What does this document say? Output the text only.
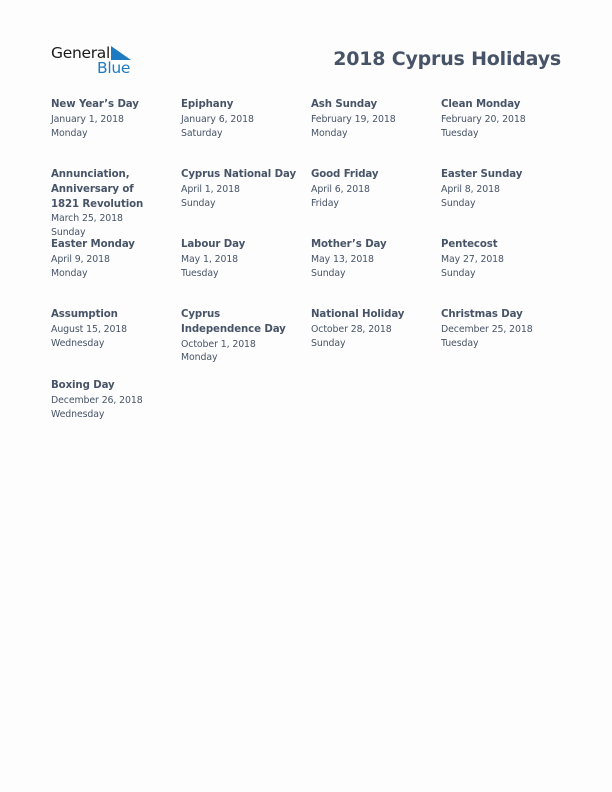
General
Blue	2018 Cyprus Holidays
New Year’s Day
January 1, 2018
Monday
Epiphany
January 6, 2018
Saturday
Ash Sunday
February 19, 2018
Monday
Clean Monday
February 20, 2018
Tuesday
Annunciation, Anniversary of 1821 Revolution
March 25, 2018
Sunday
Cyprus National Day
April 1, 2018
Sunday
Good Friday
April 6, 2018
Friday
Easter Sunday
April 8, 2018
Sunday
Easter Monday
April 9, 2018
Monday
Labour Day
May 1, 2018
Tuesday
Mother’s Day
May 13, 2018
Sunday
Pentecost
May 27, 2018
Sunday
Assumption
August 15, 2018
Wednesday
Cyprus Independence Day
October 1, 2018
Monday
National Holiday
October 28, 2018
Sunday
Christmas Day
December 25, 2018
Tuesday
Boxing Day
December 26, 2018
Wednesday
